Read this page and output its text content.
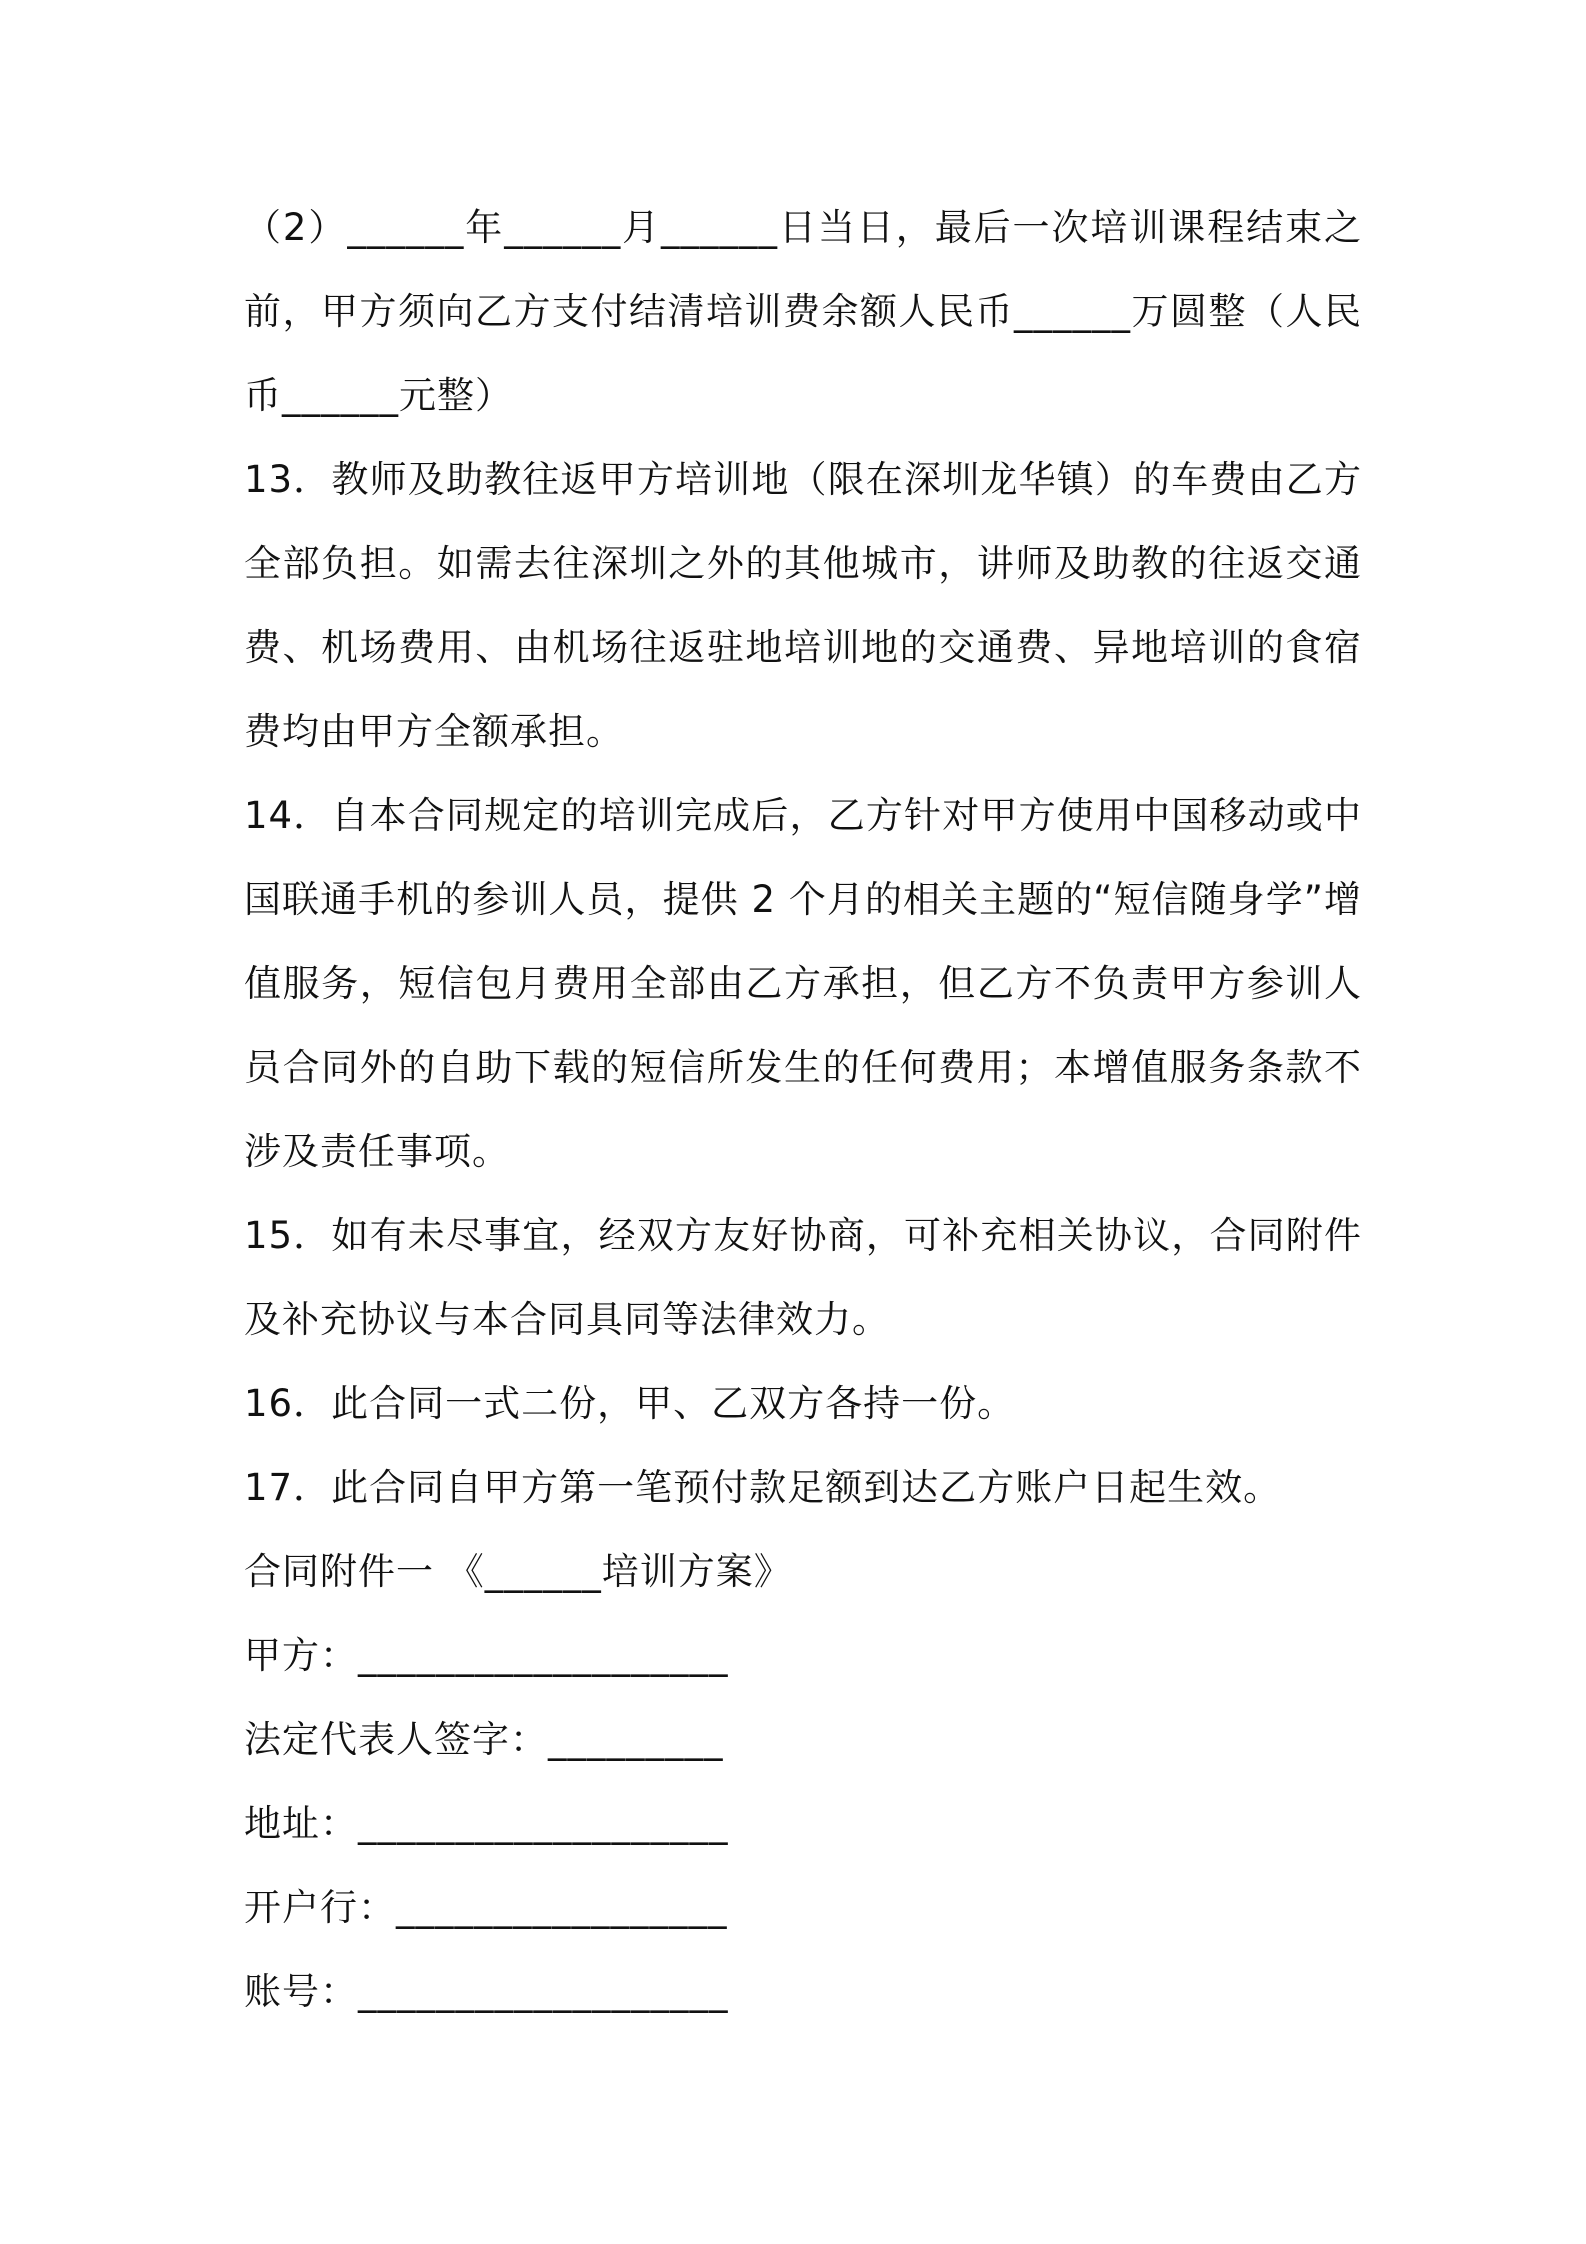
（2）______年______月______日当日，最后一次培训课程结束之前，甲方须向乙方支付结清培训费余额人民币______万圆整（人民币______元整）

13．教师及助教往返甲方培训地（限在深圳龙华镇）的车费由乙方全部负担。如需去往深圳之外的其他城市，讲师及助教的往返交通费、机场费用、由机场往返驻地培训地的交通费、异地培训的食宿费均由甲方全额承担。

14．自本合同规定的培训完成后，乙方针对甲方使用中国移动或中国联通手机的参训人员，提供 2 个月的相关主题的“短信随身学”增值服务，短信包月费用全部由乙方承担，但乙方不负责甲方参训人员合同外的自助下载的短信所发生的任何费用；本增值服务条款不涉及责任事项。

15．如有未尽事宜，经双方友好协商，可补充相关协议，合同附件及补充协议与本合同具同等法律效力。

16．此合同一式二份，甲、乙双方各持一份。

17．此合同自甲方第一笔预付款足额到达乙方账户日起生效。

合同附件一 《______培训方案》

甲方：___________________

法定代表人签字：_________

地址：___________________

开户行：_________________

账号：___________________
